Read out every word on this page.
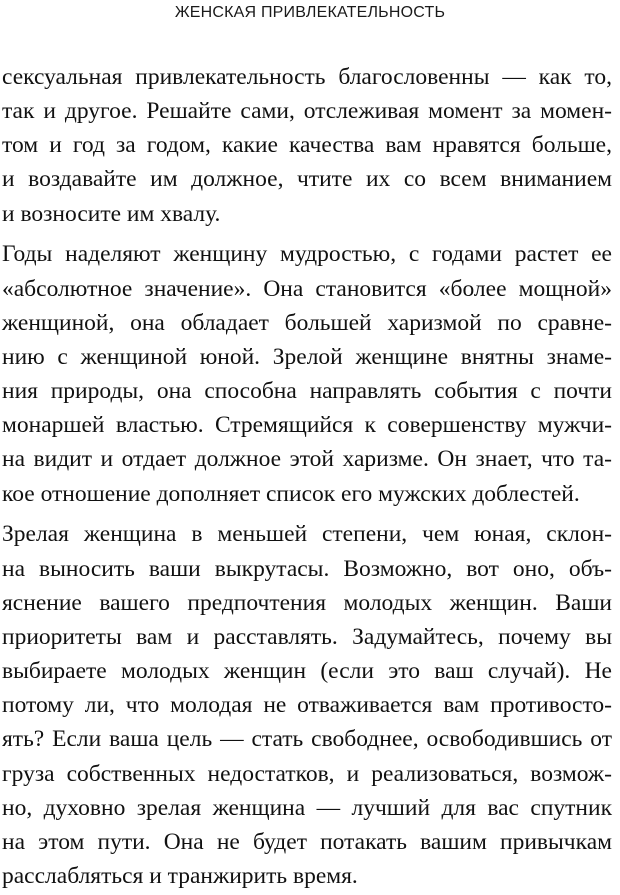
ЖЕНСКАЯ ПРИВЛЕКАТЕЛЬНОСТЬ
сексуальная привлекательность благословенны — как то,
так и другое. Решайте сами, отслеживая момент за момен-
том и год за годом, какие качества вам нравятся больше,
и воздавайте им должное, чтите их со всем вниманием
и возносите им хвалу.
Годы наделяют женщину мудростью, с годами растет ее
«абсолютное значение». Она становится «более мощной»
женщиной, она обладает большей харизмой по сравне-
нию с женщиной юной. Зрелой женщине внятны знаме-
ния природы, она способна направлять события с почти
монаршей властью. Стремящийся к совершенству мужчи-
на видит и отдает должное этой харизме. Он знает, что та-
кое отношение дополняет список его мужских доблестей.
Зрелая женщина в меньшей степени, чем юная, склон-
на выносить ваши выкрутасы. Возможно, вот оно, объ-
яснение вашего предпочтения молодых женщин. Ваши
приоритеты вам и расставлять. Задумайтесь, почему вы
выбираете молодых женщин (если это ваш случай). Не
потому ли, что молодая не отваживается вам противосто-
ять? Если ваша цель — стать свободнее, освободившись от
груза собственных недостатков, и реализоваться, возмож-
но, духовно зрелая женщина — лучший для вас спутник
на этом пути. Она не будет потакать вашим привычкам
расслабляться и транжирить время.
